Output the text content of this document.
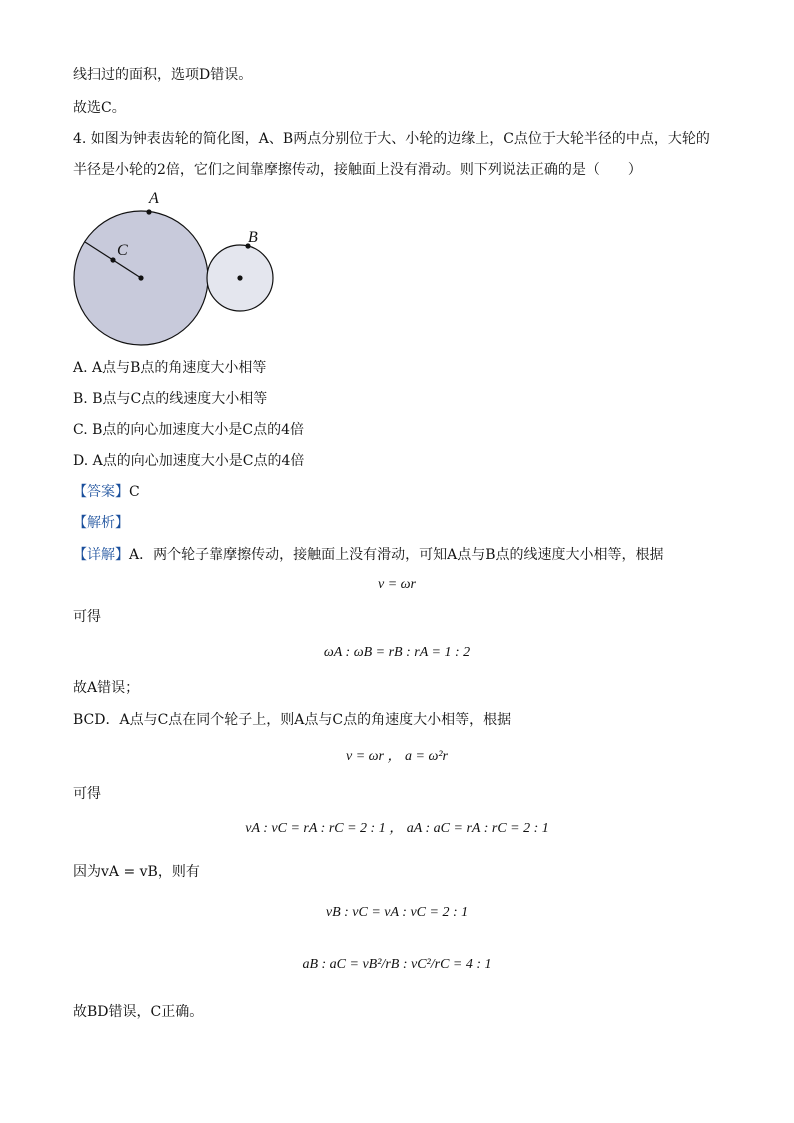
线扫过的面积，选项D错误。
故选C。
4. 如图为钟表齿轮的简化图，A、B两点分别位于大、小轮的边缘上，C点位于大轮半径的中点，大轮的
半径是小轮的2倍，它们之间靠摩擦传动，接触面上没有滑动。则下列说法正确的是（　　）
A
B
C
A. A点与B点的角速度大小相等
B. B点与C点的线速度大小相等
C. B点的向心加速度大小是C点的4倍
D. A点的向心加速度大小是C点的4倍
【答案】C
【解析】
【详解】A．两个轮子靠摩擦传动，接触面上没有滑动，可知A点与B点的线速度大小相等，根据
v = ωr
可得
ωA : ωB = rB : rA = 1 : 2
故A错误；
BCD．A点与C点在同个轮子上，则A点与C点的角速度大小相等，根据
v = ωr ， a = ω²r
可得
vA : vC = rA : rC = 2 : 1 ， aA : aC = rA : rC = 2 : 1
因为vA = vB，则有
vB : vC = vA : vC = 2 : 1
aB : aC = vB²/rB : vC²/rC = 4 : 1
故BD错误，C正确。
